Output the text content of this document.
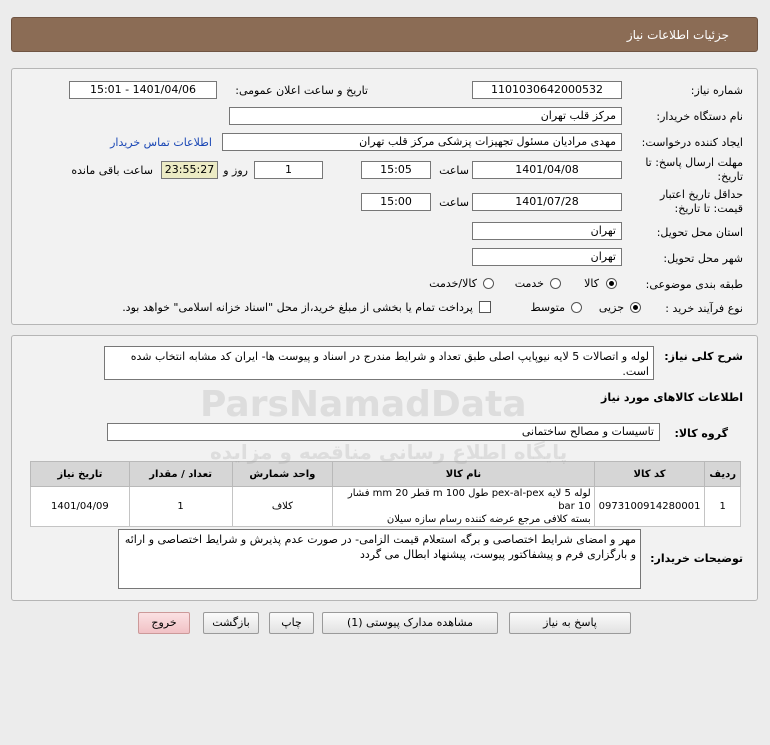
جزئیات اطلاعات نیاز
شماره نیاز:
1101030642000532
تاریخ و ساعت اعلان عمومی:
1401/04/06 - 15:01
نام دستگاه خریدار:
مرکز قلب تهران
ایجاد کننده درخواست:
مهدی مرادیان مسئول تجهیزات پزشکی مرکز قلب تهران
اطلاعات تماس خریدار
مهلت ارسال پاسخ: تا
تاریخ:
1401/04/08
ساعت
15:05
1
روز و
23:55:27
ساعت باقی مانده
حداقل تاریخ اعتبار
قیمت: تا تاریخ:
1401/07/28
ساعت
15:00
استان محل تحویل:
تهران
شهر محل تحویل:
تهران
طبقه بندی موضوعی:
کالا
خدمت
کالا/خدمت
نوع فرآیند خرید :
جزیی
متوسط
پرداخت تمام یا بخشی از مبلغ خرید،از محل "اسناد خزانه اسلامی" خواهد بود.
شرح کلی نیاز:
لوله و اتصالات 5 لایه نیوپایپ اصلی طبق تعداد و شرایط مندرج در اسناد و پیوست ها- ایران کد مشابه انتخاب شده است.
اطلاعات کالاهای مورد نیاز
گروه کالا:
تاسیسات و مصالح ساختمانی
ردیف	کد کالا	نام کالا	واحد شمارش	تعداد / مقدار	تاریخ نیاز
1	0973100914280001	لوله 5 لایه pex-al-pex طول m 100 قطر mm 20 فشار bar 10
بسته کلافی مرجع عرضه کننده رسام سازه سیلان	کلاف	1	1401/04/09
توضیحات خریدار:
مهر و امضای شرایط اختصاصی و برگه استعلام قیمت الزامی- در صورت عدم پذیرش و شرایط اختصاصی و ارائه و بارگزاری فرم و پیشفاکتور پیوست، پیشنهاد ابطال می گردد
ParsNamadData
پایگاه اطلاع رسانی مناقصه و مزایده
پاسخ به نیاز
مشاهده مدارک پیوستی (1)
چاپ
بازگشت
خروج
